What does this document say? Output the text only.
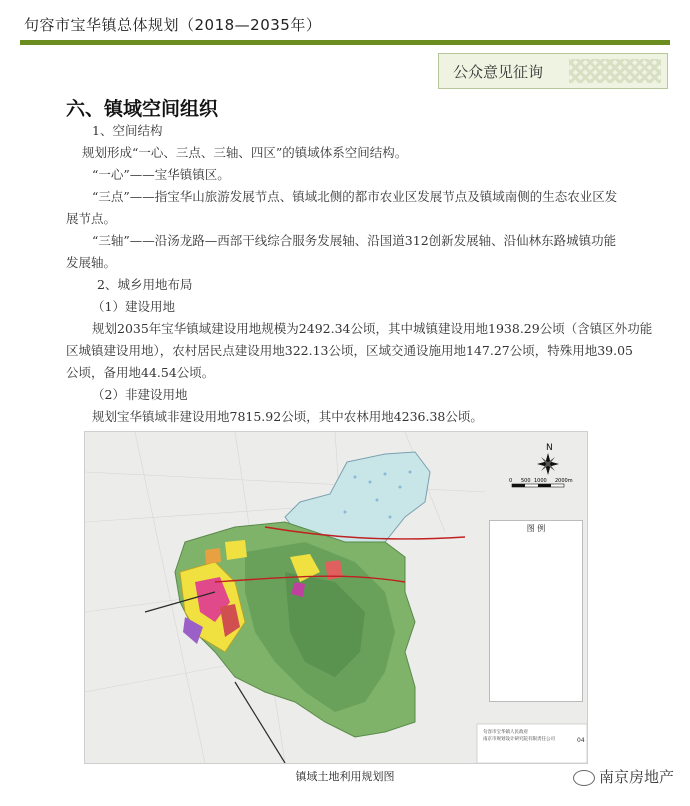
句容市宝华镇总体规划（2018—2035年）
公众意见征询
六、镇域空间组织
1、空间结构
规划形成“一心、三点、三轴、四区”的镇域体系空间结构。
“一心”——宝华镇镇区。
“三点”——指宝华山旅游发展节点、镇域北侧的都市农业区发展节点及镇域南侧的生态农业区发
展节点。
“三轴”——沿汤龙路—西部干线综合服务发展轴、沿国道312创新发展轴、沿仙林东路城镇功能
发展轴。
2、城乡用地布局
（1）建设用地
规划2035年宝华镇域建设用地规模为2492.34公顷，其中城镇建设用地1938.29公顷（含镇区外功能
区城镇建设用地），农村居民点建设用地322.13公顷，区域交通设施用地147.27公顷，特殊用地39.05
公顷，备用地44.54公顷。
（2）非建设用地
规划宝华镇域非建设用地7815.92公顷，其中农林用地4236.38公顷。
N
0 500 1000 2000m
图 例
句容市宝华镇人民政府
南京市规划设计研究院有限责任公司	04
镇域土地利用规划图	南京房地产
